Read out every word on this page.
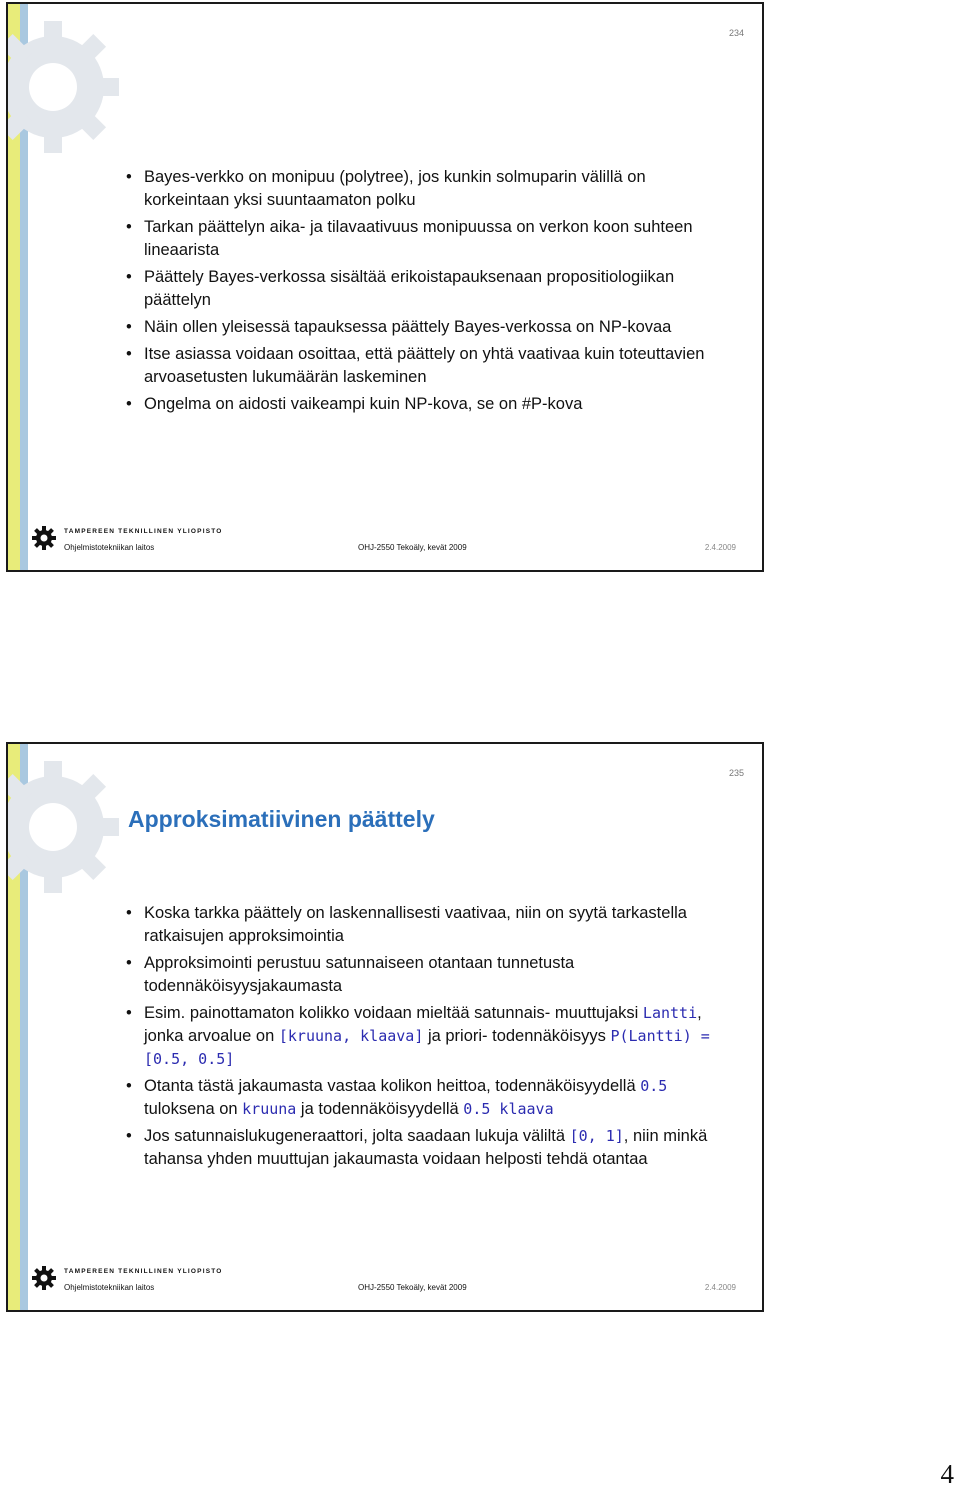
234
• Bayes-verkko on monipuu (polytree), jos kunkin solmuparin välillä on korkeintaan yksi suuntaamaton polku
• Tarkan päättelyn aika- ja tilavaativuus monipuussa on verkon koon suhteen lineaarista
• Päättely Bayes-verkossa sisältää erikoistapauksenaan propositiologiikan päättelyn
• Näin ollen yleisessä tapauksessa päättely Bayes-verkossa on NP-kovaa
• Itse asiassa voidaan osoittaa, että päättely on yhtä vaativaa kuin toteuttavien arvoasetusten lukumäärän laskeminen
• Ongelma on aidosti vaikeampi kuin NP-kova, se on #P-kova
TAMPEREEN TEKNILLINEN YLIOPISTO
Ohjelmistotekniikan laitos	OHJ-2550 Tekoäly, kevät 2009	2.4.2009
235
Approksimatiivinen päättely
• Koska tarkka päättely on laskennallisesti vaativaa, niin on syytä tarkastella ratkaisujen approksimointia
• Approksimointi perustuu satunnaiseen otantaan tunnetusta todennäköisyysjakaumasta
• Esim. painottamaton kolikko voidaan mieltää satunnais- muuttujaksi Lantti, jonka arvoalue on [kruuna, klaava] ja priori- todennäköisyys P(Lantti) = [0.5, 0.5]
• Otanta tästä jakaumasta vastaa kolikon heittoa, todennäköisyydellä 0.5 tuloksena on kruuna ja todennäköisyydellä 0.5 klaava
• Jos satunnaislukugeneraattori, jolta saadaan lukuja väliltä [0, 1], niin minkä tahansa yhden muuttujan jakaumasta voidaan helposti tehdä otantaa
TAMPEREEN TEKNILLINEN YLIOPISTO
Ohjelmistotekniikan laitos	OHJ-2550 Tekoäly, kevät 2009	2.4.2009
4
